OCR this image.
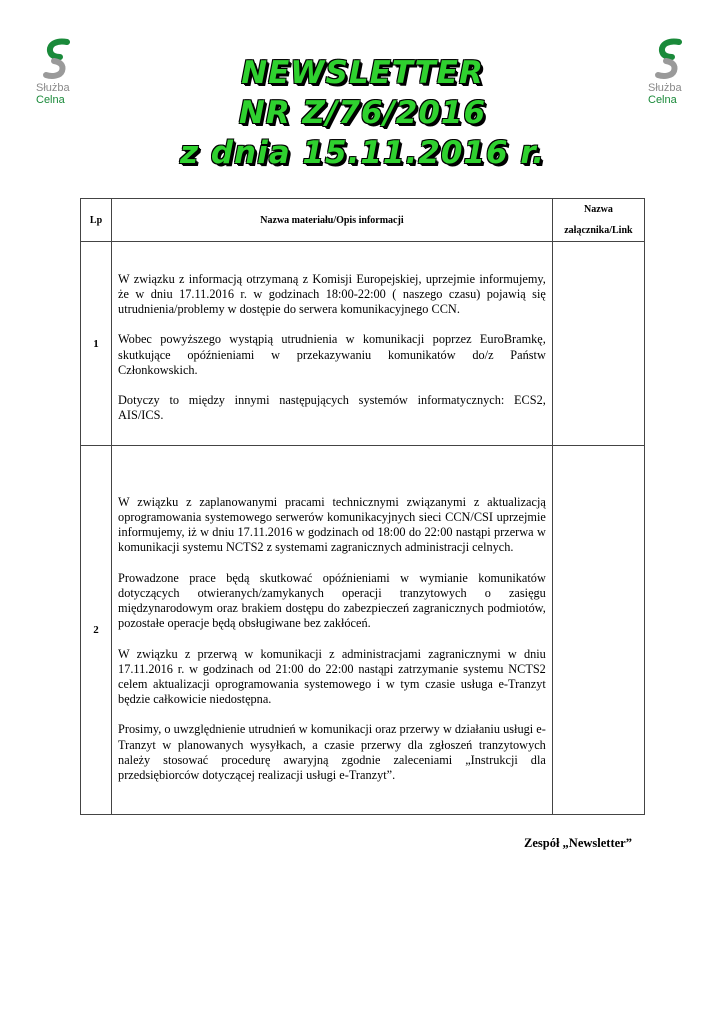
Służba
Celna
Służba
Celna
NEWSLETTER
NR Z/76/2016
z dnia 15.11.2016 r.
Lp	Nazwa materiału/Opis informacji	Nazwa
załącznika/Link

1	W związku z informacją otrzymaną z Komisji Europejskiej, uprzejmie informujemy, że w dniu 17.11.2016 r. w godzinach 18:00-22:00 ( naszego czasu) pojawią się utrudnienia/problemy w dostępie do serwera komunikacyjnego CCN.

Wobec powyższego wystąpią utrudnienia w komunikacji poprzez EuroBramkę, skutkujące opóźnieniami w przekazywaniu komunikatów do/z Państw Członkowskich.

Dotyczy to między innymi następujących systemów informatycznych: ECS2, AIS/ICS.	

2	W związku z zaplanowanymi pracami technicznymi związanymi z aktualizacją oprogramowania systemowego serwerów komunikacyjnych sieci CCN/CSI uprzejmie informujemy, iż w dniu 17.11.2016 w godzinach od 18:00 do 22:00 nastąpi przerwa w komunikacji systemu NCTS2 z systemami zagranicznych administracji celnych.

Prowadzone prace będą skutkować opóźnieniami w wymianie komunikatów dotyczących otwieranych/zamykanych operacji tranzytowych o zasięgu międzynarodowym oraz brakiem dostępu do zabezpieczeń zagranicznych podmiotów, pozostałe operacje będą obsługiwane bez zakłóceń.

W związku z przerwą w komunikacji z administracjami zagranicznymi w dniu 17.11.2016 r. w godzinach od 21:00 do 22:00 nastąpi zatrzymanie systemu NCTS2 celem aktualizacji oprogramowania systemowego i w tym czasie usługa e-Tranzyt będzie całkowicie niedostępna.

Prosimy, o uwzględnienie utrudnień w komunikacji oraz przerwy w działaniu usługi e-Tranzyt w planowanych wysyłkach, a czasie przerwy dla zgłoszeń tranzytowych należy stosować procedurę awaryjną zgodnie zaleceniami „Instrukcji dla przedsiębiorców dotyczącej realizacji usługi e-Tranzyt”.	

Zespół „Newsletter”
